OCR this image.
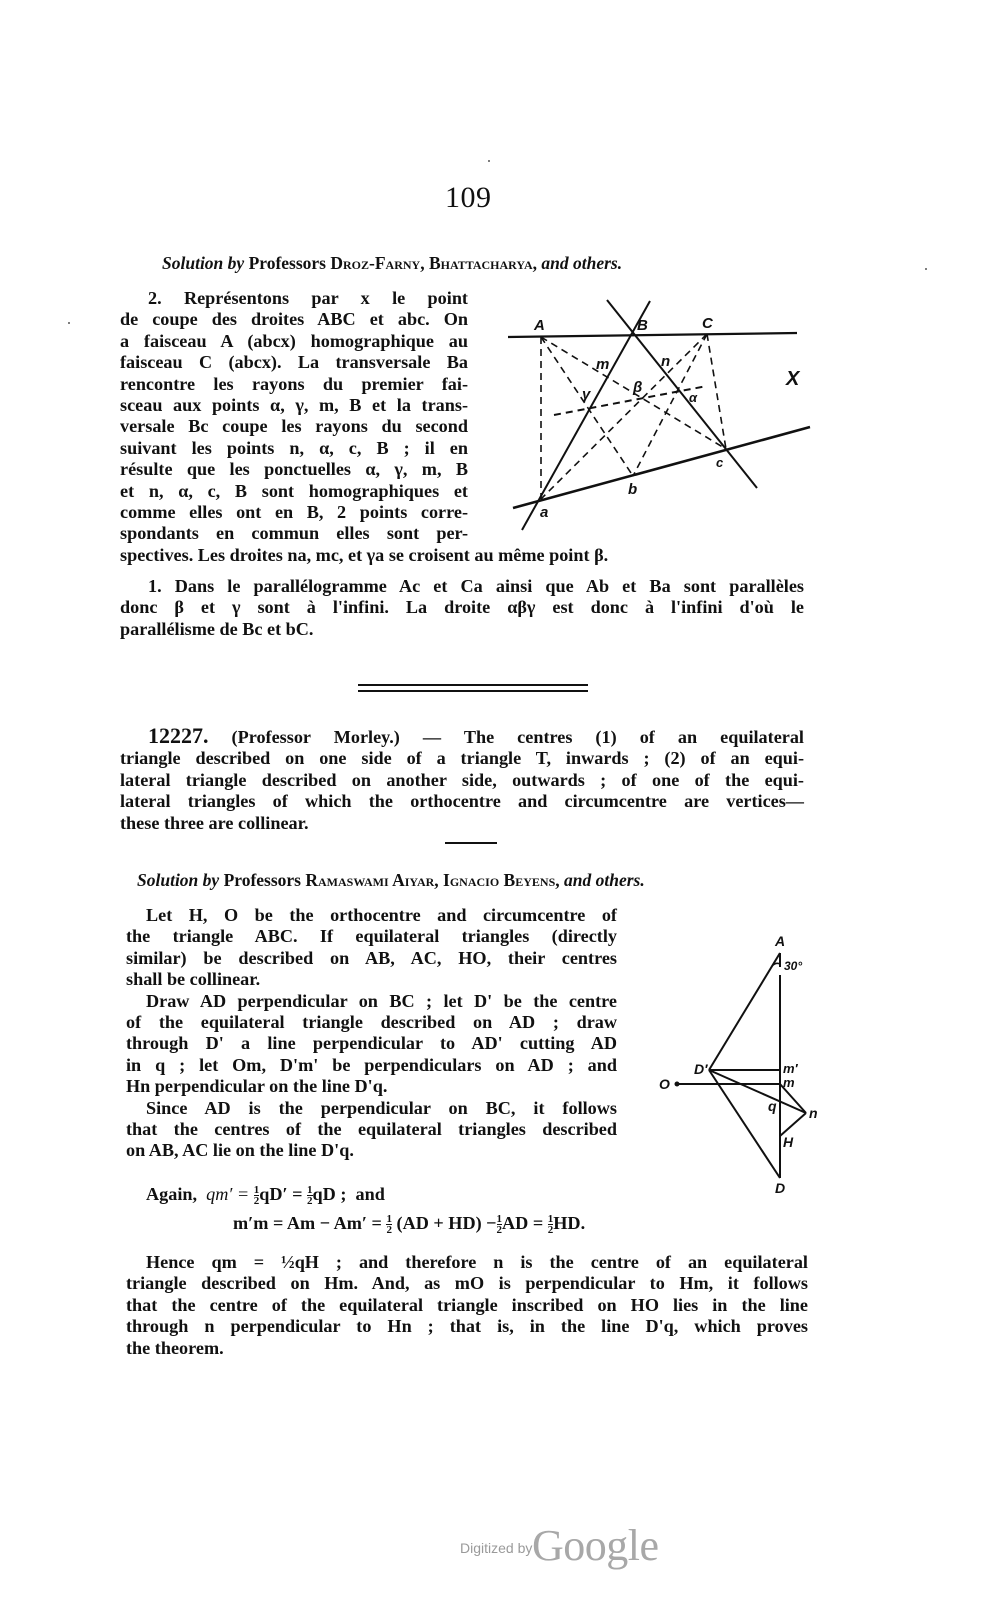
109
Solution by Professors Droz-Farny, Bhattacharya, and others.

2. Représentons par x le point

de coupe des droites ABC et abc. On

a faisceau A (abcx) homographique au

faisceau C (abcx). La transversale Ba

rencontre les rayons du premier fai-

sceau aux points α, γ, m, B et la trans-

versale Bc coupe les rayons du second

suivant les points n, α, c, B ; il en

résulte que les ponctuelles α, γ, m, B

et n, α, c, B sont homographiques et

comme elles ont en B, 2 points corre-

spondants en commun elles sont per-

spectives. Les droites na, mc, et γa se croisent au même point β.

1. Dans le parallélogramme Ac et Ca ainsi que Ab et Ba sont parallèles

donc β et γ sont à l'infini. La droite αβγ est donc à l'infini d'où le

parallélisme de Bc et bC.

A	B	C
m	n
γ	β
α
X
a
b
c

12227. (Professor Morley.) — The centres (1) of an equilateral

triangle described on one side of a triangle T, inwards ; (2) of an equi-

lateral triangle described on another side, outwards ; of one of the equi-

lateral triangles of which the orthocentre and circumcentre are vertices—

these three are collinear.

Solution by Professors Ramaswami Aiyar, Ignacio Beyens, and others.

Let H, O be the orthocentre and circumcentre of

the triangle ABC. If equilateral triangles (directly

similar) be described on AB, AC, HO, their centres

shall be collinear.

Draw AD perpendicular on BC ; let D' be the centre

of the equilateral triangle described on AD ; draw

through D' a line perpendicular to AD' cutting AD

in q ; let Om, D'm' be perpendiculars on AD ; and

Hn perpendicular on the line D'q.

Since AD is the perpendicular on BC, it follows

that the centres of the equilateral triangles described

on AB, AC lie on the line D'q.

A
30°
D′
O
m′
m
q n
H
D
Again, $qm' = \frac{1}{2} qD' = \frac{1}{2}$ qD ; and
$m'm = Am - Am' = \frac{1}{2} (AD + HD) - \frac{1}{2}$ AD = $\frac{1}{2}$ HD.

Hence qm = ½qH ; and therefore n is the centre of an equilateral

triangle described on Hm. And, as mO is perpendicular to Hm, it follows

that the centre of the equilateral triangle inscribed on HO lies in the line

through n perpendicular to Hn ; that is, in the line D'q, which proves

the theorem.

Digitized by Google
